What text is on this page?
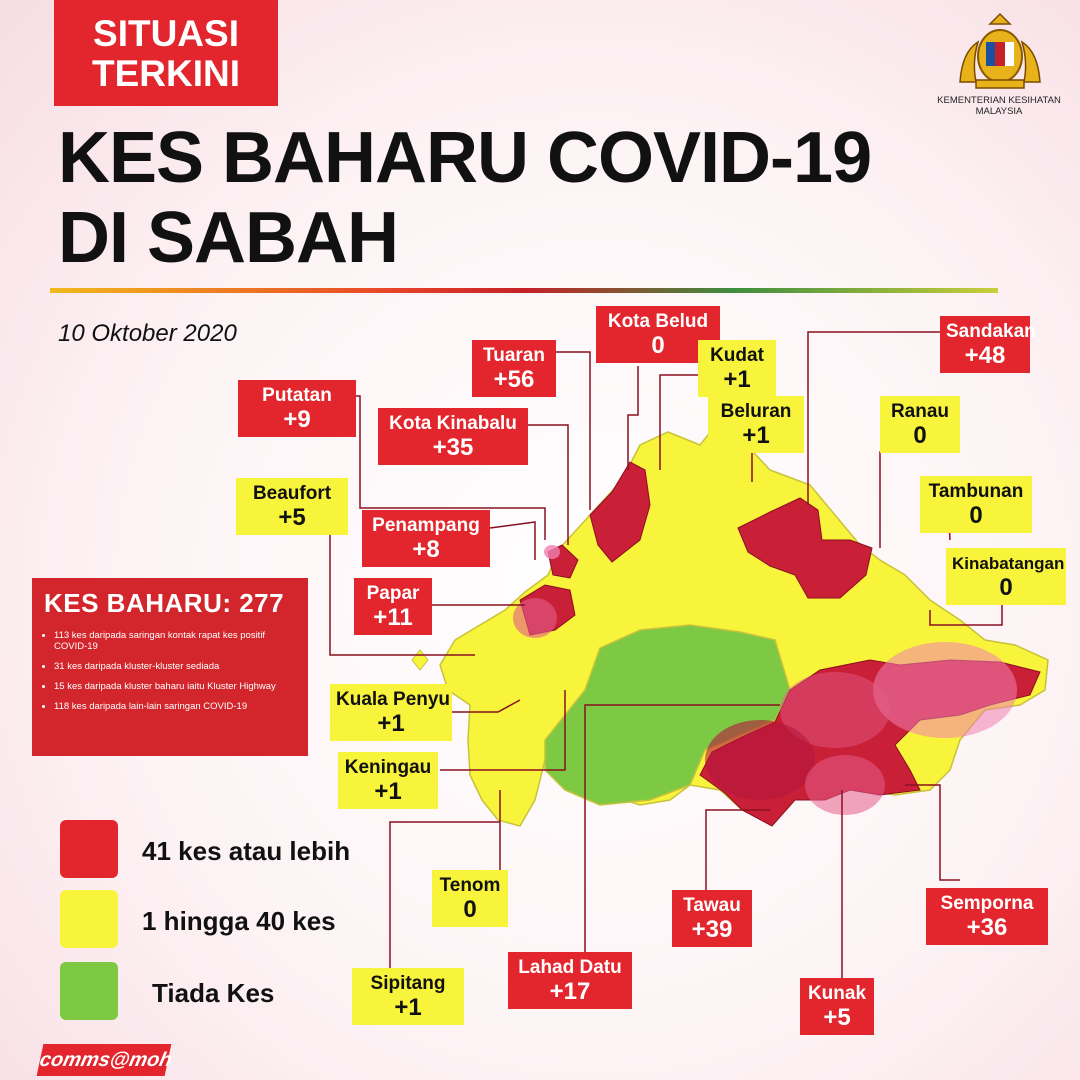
SITUASI
TERKINI
KEMENTERIAN KESIHATAN
MALAYSIA
KES BAHARU COVID-19
DI SABAH
10 Oktober 2020	Kota Belud
0
Tuaran
+56
Kudat
+1
Sandakan
+48
Putatan
+9	Kota Kinabalu
+35
Beluran
+1
Ranau
0
Beaufort
+5
Tambunan
0
Penampang
+8
Kinabatangan
0
Papar
+11
Kuala Penyu
+1
Keningau
+1
Tenom
0	Tawau
+39
Semporna
+36
Lahad Datu
+17
Sipitang
+1
Kunak
+5
KES BAHARU: 277
• 113 kes daripada saringan kontak rapat kes positif COVID-19
• 31 kes daripada kluster-kluster sediada
• 15 kes daripada kluster baharu iaitu Kluster Highway
• 118 kes daripada lain-lain saringan COVID-19
41 kes atau lebih
1 hingga 40 kes
Tiada Kes
comms@moh
